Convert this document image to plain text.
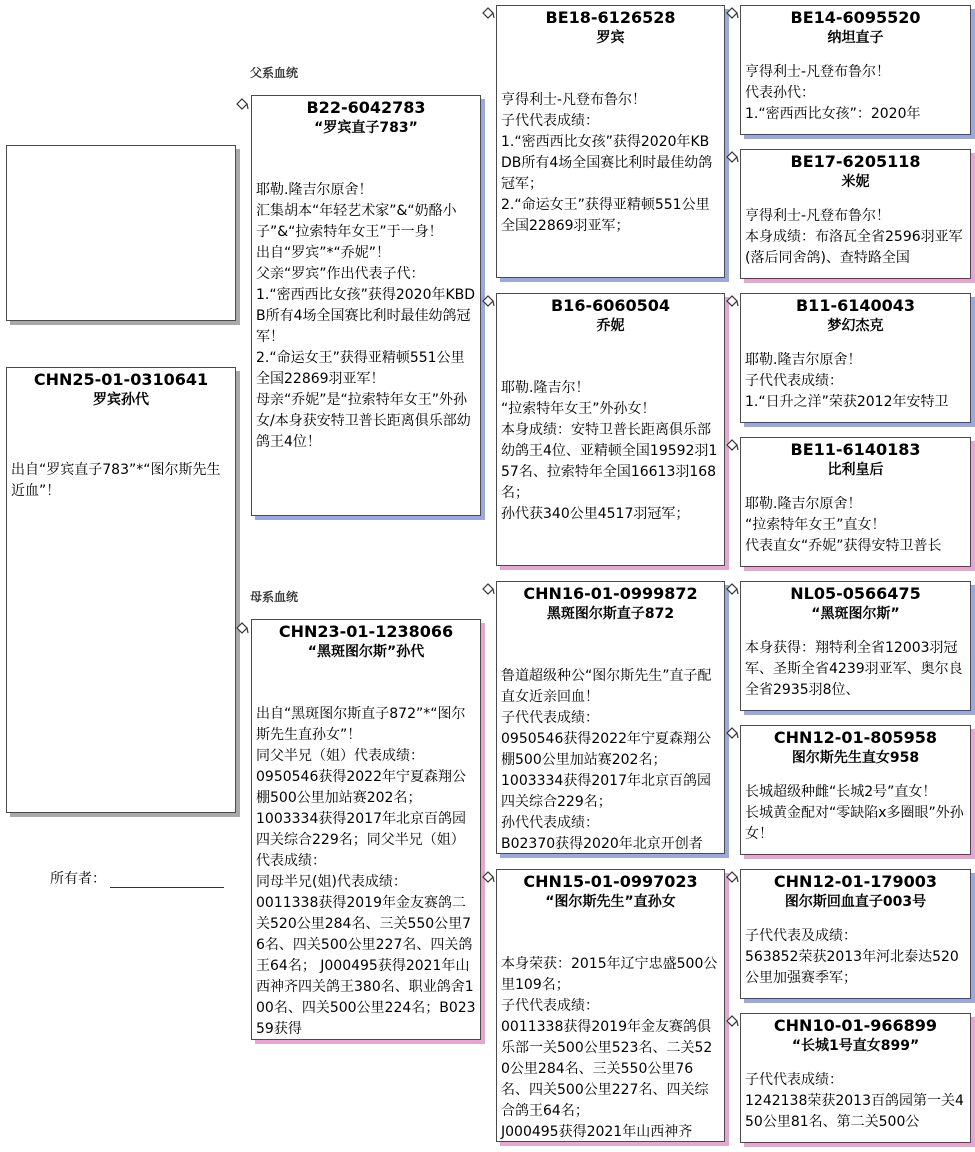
父系血统
母系血统
CHN25-01-0310641
罗宾孙代
出自“罗宾直子783”*“图尔斯先生近血”！
所有者：
B22-6042783
“罗宾直子783”
耶勒.隆吉尔原舍！
汇集胡本“年轻艺术家”&“奶酪小子”&“拉索特年女王”于一身！
出自“罗宾”*“乔妮”！
父亲“罗宾”作出代表子代：
1.“密西西比女孩”获得2020年KBDB所有4场全国赛比利时最佳幼鸽冠军！
2.“命运女王”获得亚精顿551公里全国22869羽亚军！
母亲“乔妮”是“拉索特年女王”外孙女/本身获安特卫普长距离俱乐部幼鸽王4位！
CHN23-01-1238066
“黑斑图尔斯”孙代
出自“黑斑图尔斯直子872”*“图尔斯先生直孙女”！
同父半兄（姐）代表成绩：
0950546获得2022年宁夏森翔公棚500公里加站赛202名；
1003334获得2017年北京百鸽园四关综合229名；同父半兄（姐）代表成绩：
同母半兄(姐)代表成绩：
0011338获得2019年金友赛鸽二关520公里284名、三关550公里76名、四关500公里227名、四关鸽王64名； J000495获得2021年山西神齐四关鸽王380名、职业鸽舍100名、四关500公里224名；B02359获得
BE18-6126528
罗宾
亨得利士-凡登布鲁尔！
子代代表成绩：
1.“密西西比女孩”获得2020年KBDB所有4场全国赛比利时最佳幼鸽冠军；
2.“命运女王”获得亚精顿551公里全国22869羽亚军；
B16-6060504
乔妮
耶勒.隆吉尔！
“拉索特年女王”外孙女！
本身成绩：安特卫普长距离俱乐部幼鸽王4位、亚精顿全国19592羽157名、拉索特年全国16613羽168名；
孙代获340公里4517羽冠军；
CHN16-01-0999872
黑斑图尔斯直子872
鲁道超级种公“图尔斯先生”直子配直女近亲回血！
子代代表成绩：
0950546获得2022年宁夏森翔公棚500公里加站赛202名；
1003334获得2017年北京百鸽园四关综合229名；
孙代代表成绩：
B02370获得2020年北京开创者
CHN15-01-0997023
“图尔斯先生”直孙女
本身荣获：2015年辽宁忠盛500公里109名；
子代代表成绩：
0011338获得2019年金友赛鸽俱乐部一关500公里523名、二关520公里284名、三关550公里76名、四关500公里227名、四关综合鸽王64名；
J000495获得2021年山西神齐
BE14-6095520
纳坦直子
亨得利士-凡登布鲁尔！
代表孙代：
1.“密西西比女孩”：2020年
BE17-6205118
米妮
亨得利士-凡登布鲁尔！
本身成绩：布洛瓦全省2596羽亚军(落后同舍鸽)、查特路全国
B11-6140043
梦幻杰克
耶勒.隆吉尔原舍！
子代代表成绩：
1.“日升之洋”荣获2012年安特卫
BE11-6140183
比利皇后
耶勒.隆吉尔原舍！
“拉索特年女王”直女！
代表直女“乔妮”获得安特卫普长
NL05-0566475
“黑斑图尔斯”
本身获得：翔特利全省12003羽冠军、圣斯全省4239羽亚军、奥尔良全省2935羽8位、
CHN12-01-805958
图尔斯先生直女958
长城超级种雌“长城2号”直女！
长城黄金配对“零缺陷x多圈眼”外孙女！
CHN12-01-179003
图尔斯回血直子003号
子代代表及成绩：
563852荣获2013年河北泰达520公里加强赛季军；
CHN10-01-966899
“长城1号直女899”
子代代表成绩：
1242138荣获2013百鸽园第一关450公里81名、第二关500公
